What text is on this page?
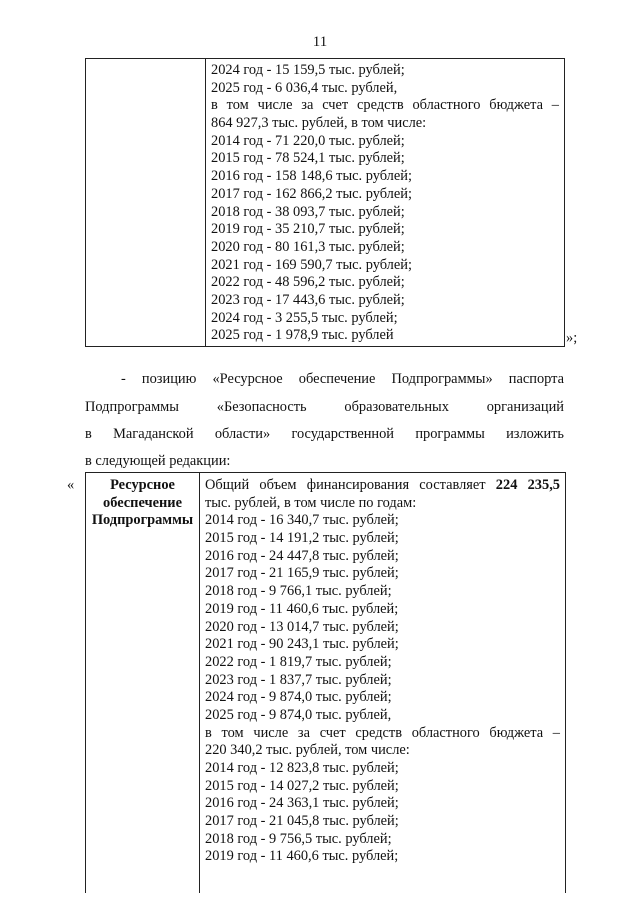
11
2024 год - 15 159,5 тыс. рублей;
2025 год - 6 036,4 тыс. рублей,
в том числе за счет средств областного бюджета –
864 927,3 тыс. рублей, в том числе:
2014 год - 71 220,0 тыс. рублей;
2015 год - 78 524,1 тыс. рублей;
2016 год - 158 148,6 тыс. рублей;
2017 год - 162 866,2 тыс. рублей;
2018 год - 38 093,7 тыс. рублей;
2019 год - 35 210,7 тыс. рублей;
2020 год - 80 161,3 тыс. рублей;
2021 год - 169 590,7 тыс. рублей;
2022 год - 48 596,2 тыс. рублей;
2023 год - 17 443,6 тыс. рублей;
2024 год - 3 255,5 тыс. рублей;
2025 год - 1 978,9 тыс. рублей	»;
- позицию «Ресурсное обеспечение Подпрограммы» паспорта
Подпрограммы «Безопасность образовательных организаций
в Магаданской области» государственной программы изложить
в следующей редакции:
«	Ресурсное
обеспечение
Подпрограммы
Общий объем финансирования составляет 224 235,5
тыс. рублей, в том числе по годам:
2014 год - 16 340,7 тыс. рублей;
2015 год - 14 191,2 тыс. рублей;
2016 год - 24 447,8 тыс. рублей;
2017 год - 21 165,9 тыс. рублей;
2018 год - 9 766,1 тыс. рублей;
2019 год - 11 460,6 тыс. рублей;
2020 год - 13 014,7 тыс. рублей;
2021 год - 90 243,1 тыс. рублей;
2022 год - 1 819,7 тыс. рублей;
2023 год - 1 837,7 тыс. рублей;
2024 год - 9 874,0 тыс. рублей;
2025 год - 9 874,0 тыс. рублей,
в том числе за счет средств областного бюджета –
220 340,2 тыс. рублей, том числе:
2014 год - 12 823,8 тыс. рублей;
2015 год - 14 027,2 тыс. рублей;
2016 год - 24 363,1 тыс. рублей;
2017 год - 21 045,8 тыс. рублей;
2018 год - 9 756,5 тыс. рублей;
2019 год - 11 460,6 тыс. рублей;
